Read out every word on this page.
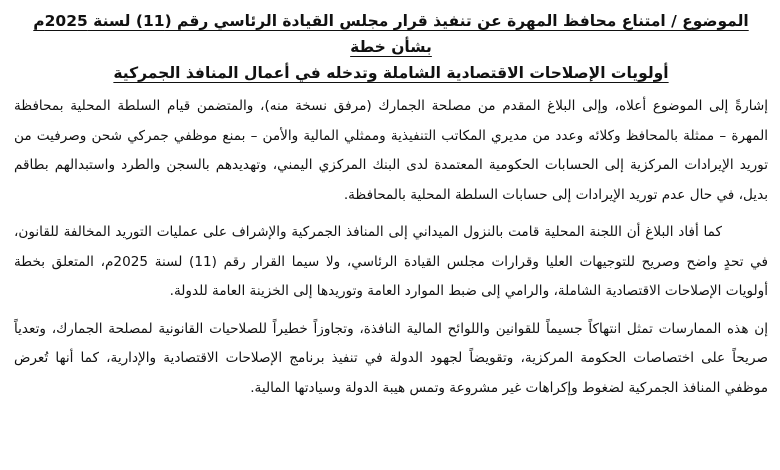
الموضوع / امتناع محافظ المهرة عن تنفيذ قرار مجلس القيادة الرئاسي رقم (11) لسنة 2025م بشأن خطة
أولويات الإصلاحات الاقتصادية الشاملة وتدخله في أعمال المنافذ الجمركية

إشارةً إلى الموضوع أعلاه، وإلى البلاغ المقدم من مصلحة الجمارك (مرفق نسخة منه)، والمتضمن قيام السلطة المحلية بمحافظة المهرة – ممثلة بالمحافظ وكلائه وعدد من مديري المكاتب التنفيذية وممثلي المالية والأمن – بمنع موظفي جمركي شحن وصرفيت من توريد الإيرادات المركزية إلى الحسابات الحكومية المعتمدة لدى البنك المركزي اليمني، وتهديدهم بالسجن والطرد واستبدالهم بطاقم بديل، في حال عدم توريد الإيرادات إلى حسابات السلطة المحلية بالمحافظة.

كما أفاد البلاغ أن اللجنة المحلية قامت بالنزول الميداني إلى المنافذ الجمركية والإشراف على عمليات التوريد المخالفة للقانون، في تحدٍ واضح وصريح للتوجيهات العليا وقرارات مجلس القيادة الرئاسي، ولا سيما القرار رقم (11) لسنة 2025م، المتعلق بخطة أولويات الإصلاحات الاقتصادية الشاملة، والرامي إلى ضبط الموارد العامة وتوريدها إلى الخزينة العامة للدولة.

إن هذه الممارسات تمثل انتهاكاً جسيماً للقوانين واللوائح المالية النافذة، وتجاوزاً خطيراً للصلاحيات القانونية لمصلحة الجمارك، وتعدياً صريحاً على اختصاصات الحكومة المركزية، وتقويضاً لجهود الدولة في تنفيذ برنامج الإصلاحات الاقتصادية والإدارية، كما أنها تُعرض موظفي المنافذ الجمركية لضغوط وإكراهات غير مشروعة وتمس هيبة الدولة وسيادتها المالية.
